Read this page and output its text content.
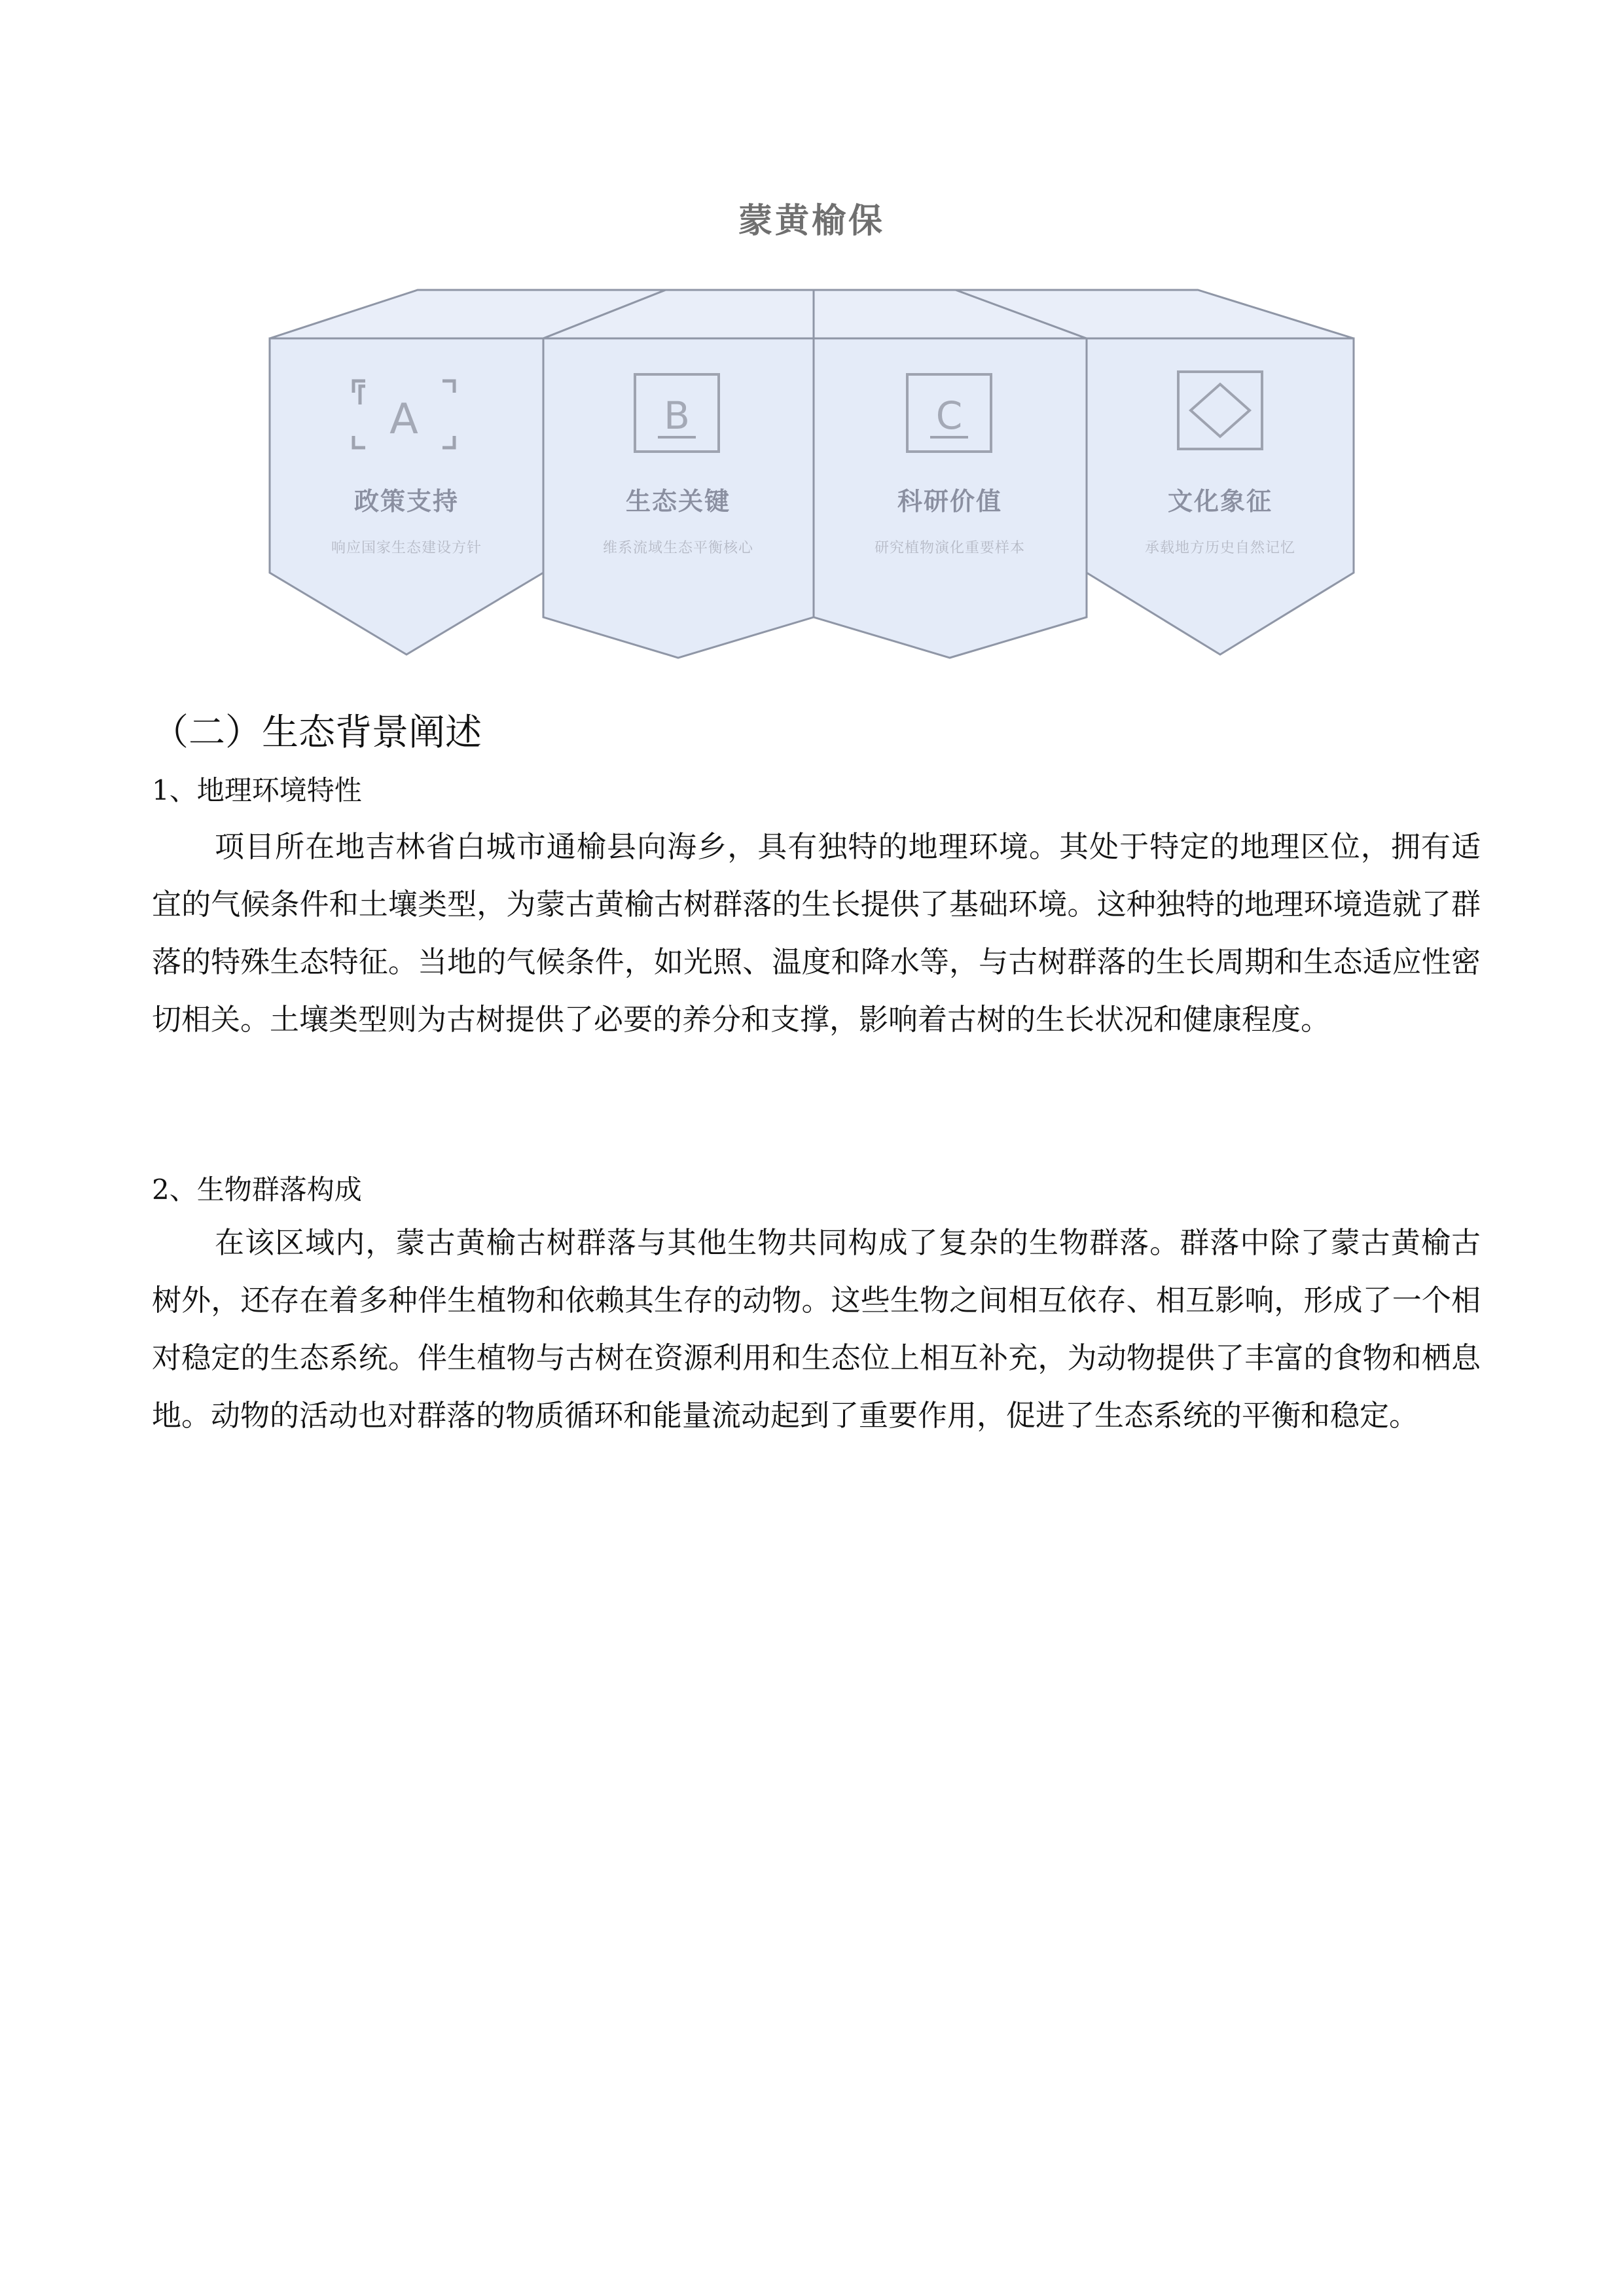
蒙黄榆保
A	B	C
政策支持
响应国家生态建设方针
生态关键
维系流域生态平衡核心
科研价值
研究植物演化重要样本
文化象征
承载地方历史自然记忆
（二）生态背景阐述
1、地理环境特性

项目所在地吉林省白城市通榆县向海乡，具有独特的地理环境。其处于特定的地理区位，拥有适宜的气候条件和土壤类型，为蒙古黄榆古树群落的生长提供了基础环境。这种独特的地理环境造就了群落的特殊生态特征。当地的气候条件，如光照、温度和降水等，与古树群落的生长周期和生态适应性密切相关。土壤类型则为古树提供了必要的养分和支撑，影响着古树的生长状况和健康程度。

2、生物群落构成

在该区域内，蒙古黄榆古树群落与其他生物共同构成了复杂的生物群落。群落中除了蒙古黄榆古树外，还存在着多种伴生植物和依赖其生存的动物。这些生物之间相互依存、相互影响，形成了一个相对稳定的生态系统。伴生植物与古树在资源利用和生态位上相互补充，为动物提供了丰富的食物和栖息地。动物的活动也对群落的物质循环和能量流动起到了重要作用，促进了生态系统的平衡和稳定。
